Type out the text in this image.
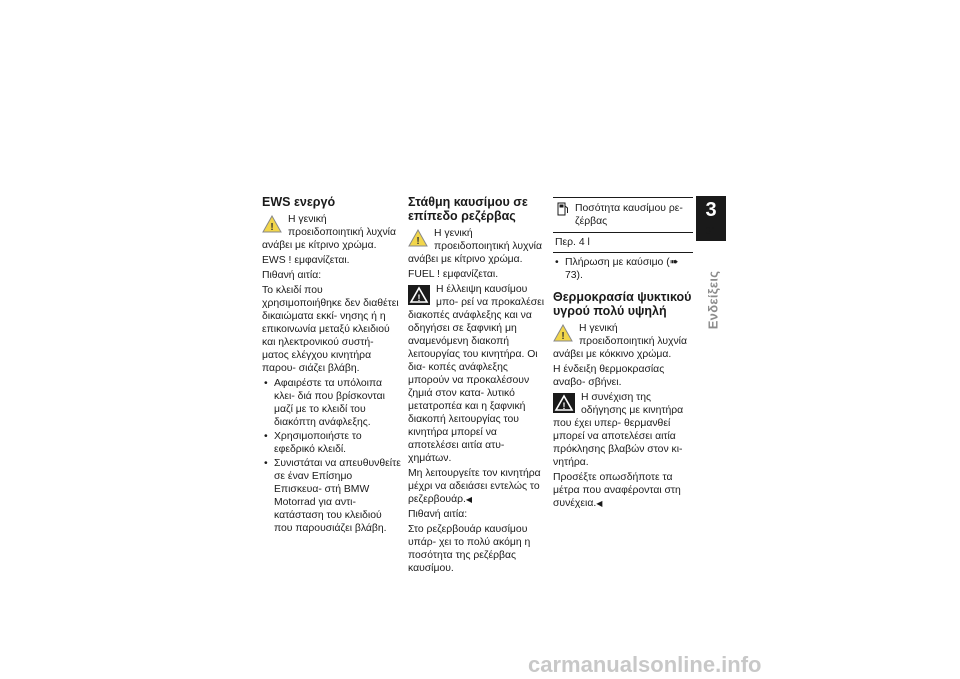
EWS ενεργό
!
Η γενική προειδοποιητική λυχνία ανάβει με κίτρινο χρώμα.

EWS ! εμφανίζεται.

Πιθανή αιτία:

Το κλειδί που χρησιμοποιήθηκε δεν διαθέτει δικαιώματα εκκί- νησης ή η επικοινωνία μεταξύ κλειδιού και ηλεκτρονικού συστή- ματος ελέγχου κινητήρα παρου- σιάζει βλάβη.

• Αφαιρέστε τα υπόλοιπα κλει- διά που βρίσκονται μαζί με το κλειδί του διακόπτη ανάφλεξης.
• Χρησιμοποιήστε το εφεδρικό κλειδί.
• Συνιστάται να απευθυνθείτε σε έναν Επίσημο Επισκευα- στή BMW Motorrad για αντι- κατάσταση του κλειδιού που παρουσιάζει βλάβη.
Στάθμη καυσίμου σε επίπεδο ρεζέρβας
!
Η γενική προειδοποιητική λυχνία ανάβει με κίτρινο χρώμα.

FUEL ! εμφανίζεται.

!
Η έλλειψη καυσίμου μπο- ρεί να προκαλέσει διακοπές ανάφλεξης και να οδηγήσει σε ξαφνική μη αναμενόμενη διακοπή λειτουργίας του κινητήρα. Οι δια- κοπές ανάφλεξης μπορούν να προκαλέσουν ζημιά στον κατα- λυτικό μετατροπέα και η ξαφνική διακοπή λειτουργίας του κινητήρα μπορεί να αποτελέσει αιτία ατυ- χημάτων.

Μη λειτουργείτε τον κινητήρα μέχρι να αδειάσει εντελώς το ρεζερβουάρ.◀

Πιθανή αιτία:

Στο ρεζερβουάρ καυσίμου υπάρ- χει το πολύ ακόμη η ποσότητα της ρεζέρβας καυσίμου.

Ποσότητα καυσίμου ρε- ζέρβας
Περ. 4 l
• Πλήρωση με καύσιμο (➠ 73).
Θερμοκρασία ψυκτικού υγρού πολύ υψηλή
!
Η γενική προειδοποιητική λυχνία ανάβει με κόκκινο χρώμα.

Η ένδειξη θερμοκρασίας αναβο- σβήνει.

!
Η συνέχιση της οδήγησης με κινητήρα που έχει υπερ- θερμανθεί μπορεί να αποτελέσει αιτία πρόκλησης βλαβών στον κι- νητήρα.

Προσέξτε οπωσδήποτε τα μέτρα που αναφέρονται στη συνέχεια.◀

3
31
Ενδείξεις
carmanualsonline.info
